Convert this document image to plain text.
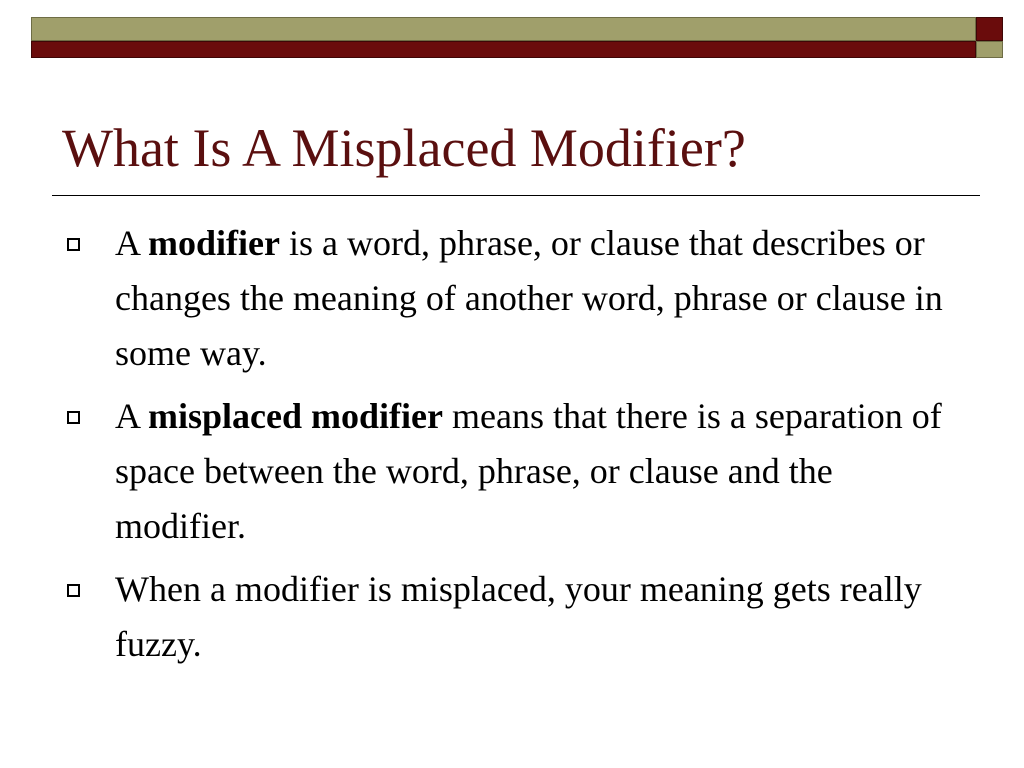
What Is A Misplaced Modifier?
A modifier is a word, phrase, or clause that describes or changes the meaning of another word, phrase or clause in some way.
A misplaced modifier means that there is a separation of space between the word, phrase, or clause and the modifier.
When a modifier is misplaced, your meaning gets really fuzzy.
